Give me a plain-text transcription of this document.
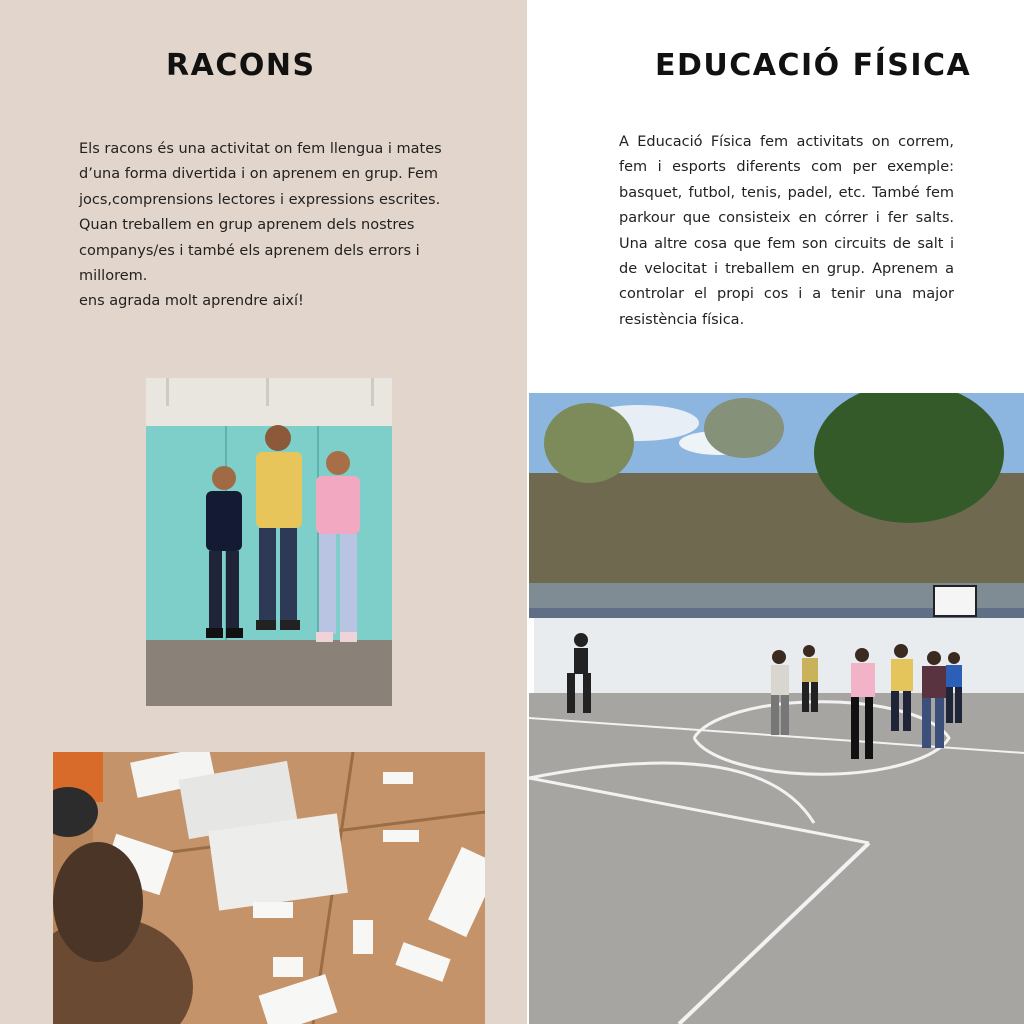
RACONS

Els racons és una activitat on fem llengua i mates d’una forma divertida i on aprenem en grup. Fem jocs,comprensions lectores i expressions escrites. Quan treballem en grup aprenem dels nostres companys/es i també els aprenem dels errors i millorem.

ens agrada molt aprendre així!

EDUCACIÓ FÍSICA

A Educació Física fem activitats on correm, fem i esports diferents com per exemple: basquet, futbol, tenis, padel, etc. També fem parkour que consisteix en córrer i fer salts. Una altre cosa que fem son circuits de salt i de velocitat i treballem en grup. Aprenem a controlar el propi cos i a tenir una major resistència física.
